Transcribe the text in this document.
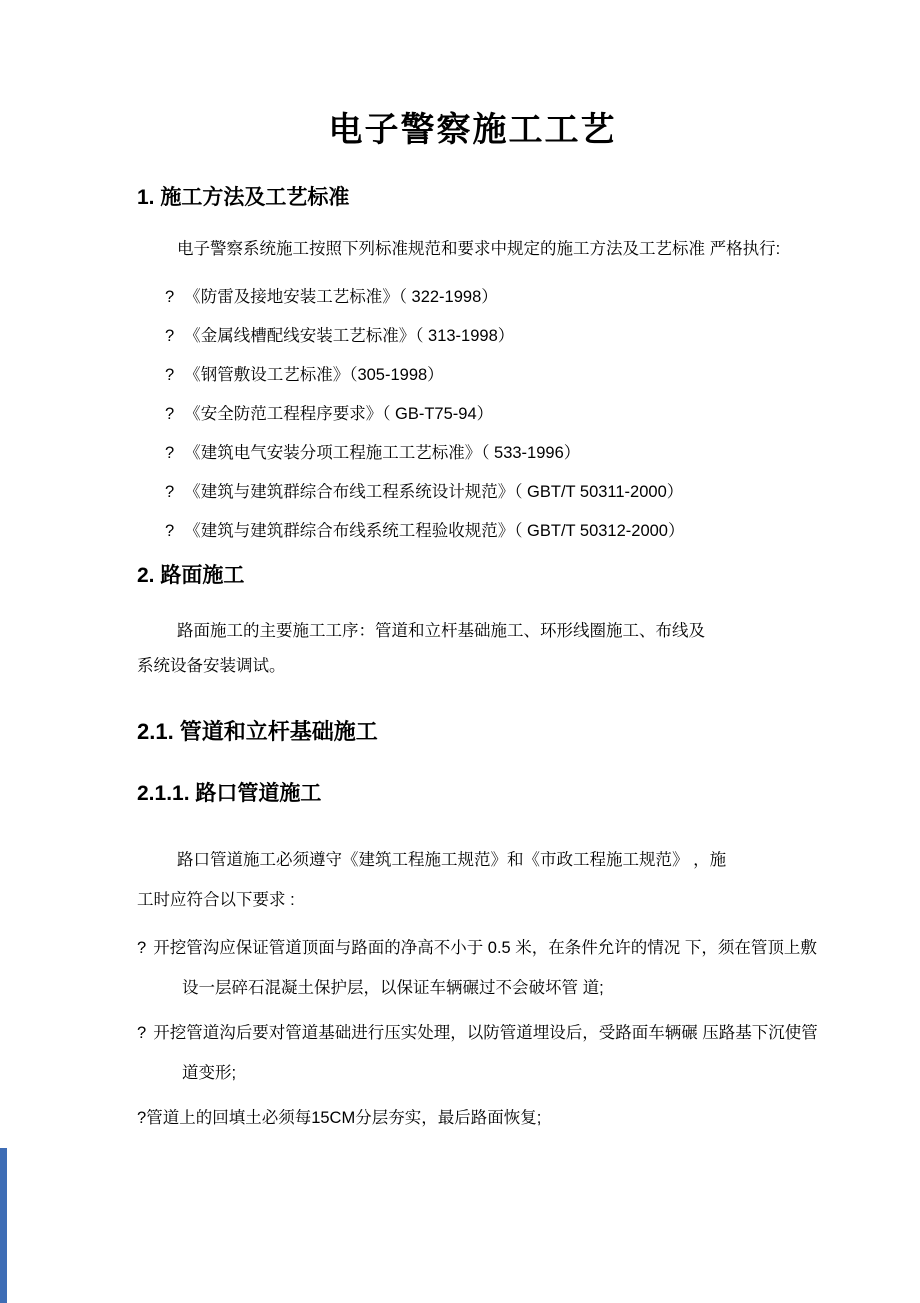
电子警察施工工艺
1. 施工方法及工艺标准

电子警察系统施工按照下列标准规范和要求中规定的施工方法及工艺标准 严格执行:

? 《防雷及接地安装工艺标准》（ 322-1998）
? 《金属线槽配线安装工艺标准》（ 313-1998）
? 《钢管敷设工艺标准》（305-1998）
? 《安全防范工程程序要求》（ GB-T75-94）
? 《建筑电气安装分项工程施工工艺标准》（ 533-1996）
? 《建筑与建筑群综合布线工程系统设计规范》（ GBT/T 50311-2000）
? 《建筑与建筑群综合布线系统工程验收规范》（ GBT/T 50312-2000）
2. 路面施工

路面施工的主要施工工序：管道和立杆基础施工、环形线圈施工、布线及
系统设备安装调试。

2.1. 管道和立杆基础施工
2.1.1. 路口管道施工

路口管道施工必须遵守《建筑工程施工规范》和《市政工程施工规范》 ，施
工时应符合以下要求 :

? 开挖管沟应保证管道顶面与路面的净高不小于 0.5 米，在条件允许的情况 下，须在管顶上敷
设一层碎石混凝土保护层，以保证车辆碾过不会破坏管 道;
? 开挖管道沟后要对管道基础进行压实处理，以防管道埋设后，受路面车辆碾 压路基下沉使管
道变形;
?管道上的回填土必须每15CM分层夯实，最后路面恢复;
